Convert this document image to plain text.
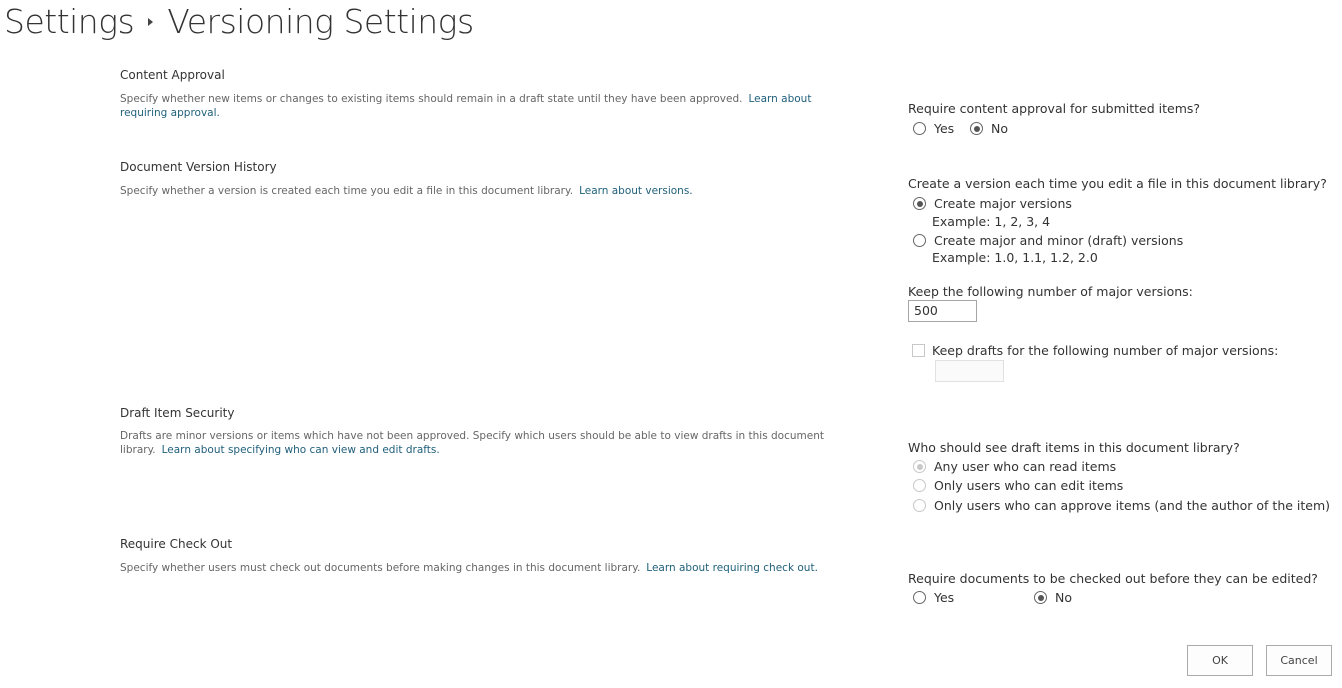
Settings Versioning Settings
Content Approval
Specify whether new items or changes to existing items should remain in a draft state until they have been approved. Learn about requiring approval.	Require content approval for submitted items?
Yes	No
Document Version History
Specify whether a version is created each time you edit a file in this document library. Learn about versions.	Create a version each time you edit a file in this document library?
Create major versions
Example: 1, 2, 3, 4
Create major and minor (draft) versions
Example: 1.0, 1.1, 1.2, 2.0
Keep the following number of major versions:
500
Keep drafts for the following number of major versions:
Draft Item Security
Drafts are minor versions or items which have not been approved. Specify which users should be able to view drafts in this document library. Learn about specifying who can view and edit drafts.	Who should see draft items in this document library?
Any user who can read items
Only users who can edit items
Only users who can approve items (and the author of the item)
Require Check Out
Specify whether users must check out documents before making changes in this document library. Learn about requiring check out.
Require documents to be checked out before they can be edited?
Yes	No
OK	Cancel
